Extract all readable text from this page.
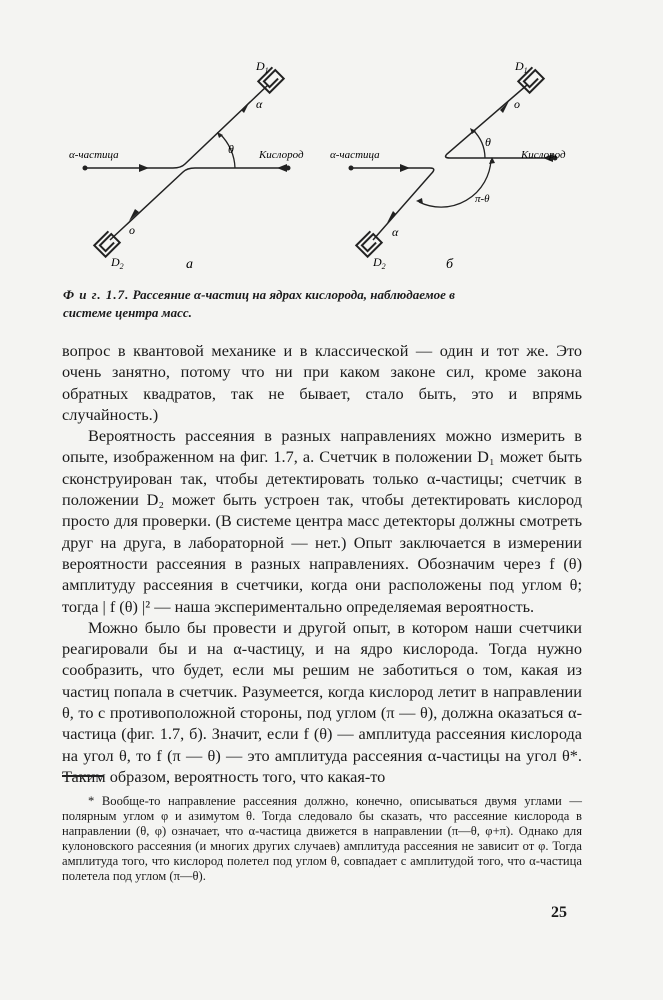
α-частица	Кислород
$D_1$
$D_2$
α
o
θ
а
α-частица	Кислород
$D_1$
$D_2$
o
α
θ
π-θ
б
Ф и г. 1.7. Рассеяние α-частиц на ядрах кислорода, наблюдаемое в системе центра масс.

вопрос в квантовой механике и в классической — один и тот же. Это очень занятно, потому что ни при каком законе сил, кроме закона обратных квадратов, так не бывает, стало быть, это и впрямь случайность.)

Вероятность рассеяния в разных направлениях можно измерить в опыте, изображенном на фиг. 1.7, а. Счетчик в положении D₁ может быть сконструирован так, чтобы детектировать только α-частицы; счетчик в положении D₂ может быть устроен так, чтобы детектировать кислород просто для проверки. (В системе центра масс детекторы должны смотреть друг на друга, в лабораторной — нет.) Опыт заключается в измерении вероятности рассеяния в разных направлениях. Обозначим через f (θ) амплитуду рассеяния в счетчики, когда они расположены под углом θ; тогда | f (θ) |² — наша экспериментально определяемая вероятность.

Можно было бы провести и другой опыт, в котором наши счетчики реагировали бы и на α-частицу, и на ядро кислорода. Тогда нужно сообразить, что будет, если мы решим не заботиться о том, какая из частиц попала в счетчик. Разумеется, когда кислород летит в направлении θ, то с противоположной стороны, под углом (π — θ), должна оказаться α-частица (фиг. 1.7, б). Значит, если f (θ) — амплитуда рассеяния кислорода на угол θ, то f (π — θ) — это амплитуда рассеяния α-частицы на угол θ*. Таким образом, вероятность того, что какая-то

* Вообще-то направление рассеяния должно, конечно, описываться двумя углами — полярным углом φ и азимутом θ. Тогда следовало бы сказать, что рассеяние кислорода в направлении (θ, φ) означает, что α-частица движется в направлении (π—θ, φ+π). Однако для кулоновского рассеяния (и многих других случаев) амплитуда рассеяния не зависит от φ. Тогда амплитуда того, что кислород полетел под углом θ, совпадает с амплитудой того, что α-частица полетела под углом (π—θ).
25
